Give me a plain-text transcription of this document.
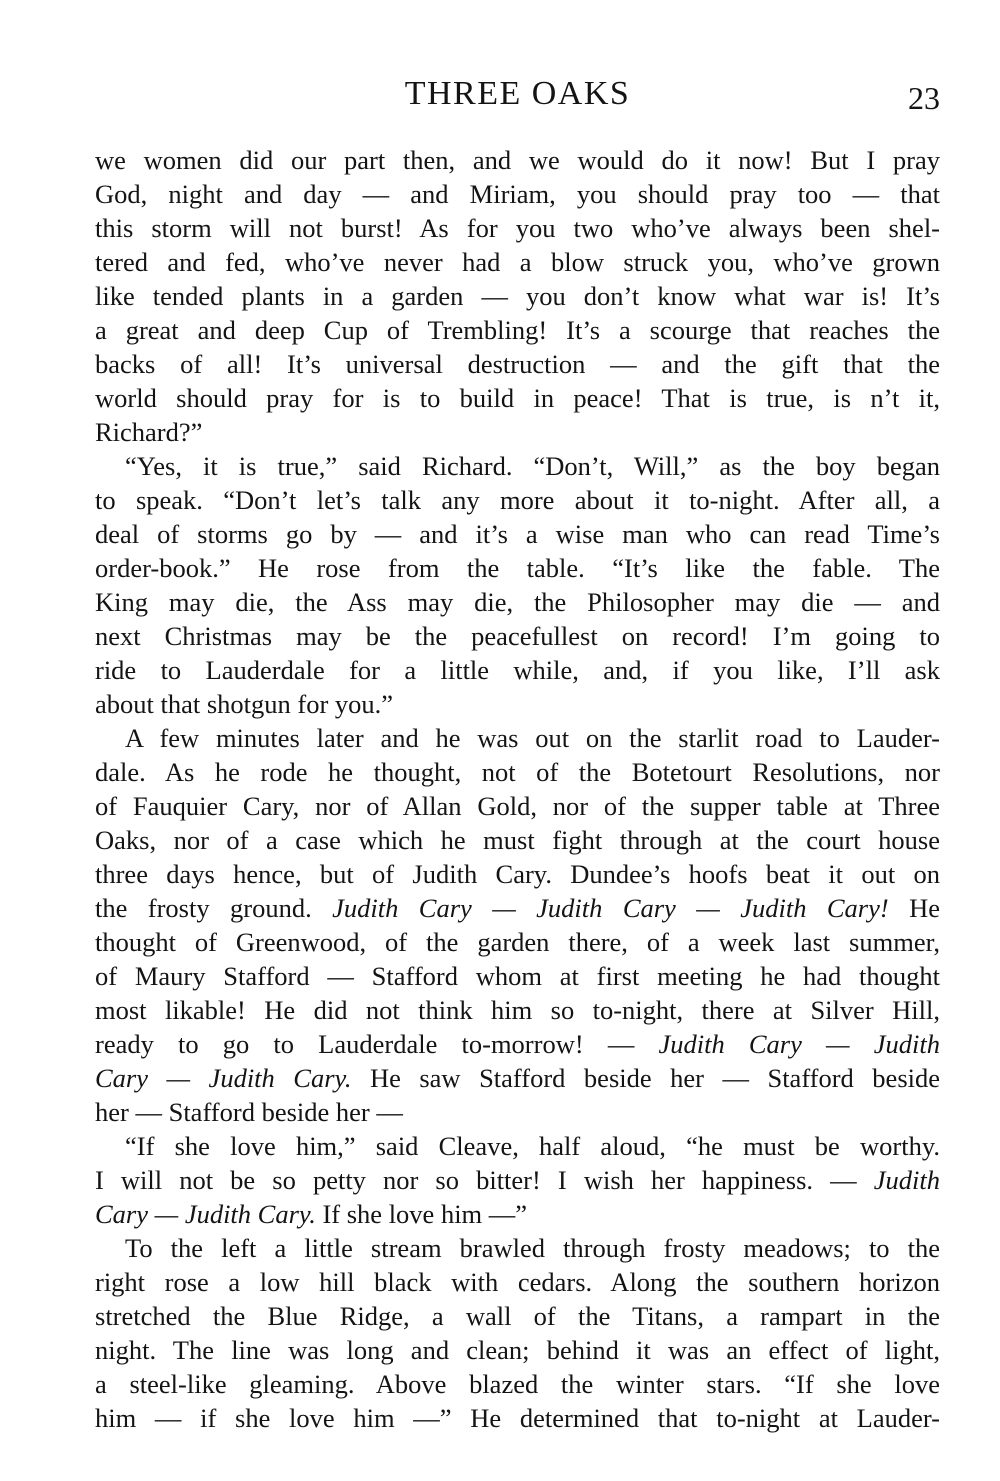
THREE OAKS	23
we women did our part then, and we would do it now! But I pray
God, night and day — and Miriam, you should pray too — that
this storm will not burst! As for you two who’ve always been shel-
tered and fed, who’ve never had a blow struck you, who’ve grown
like tended plants in a garden — you don’t know what war is! It’s
a great and deep Cup of Trembling! It’s a scourge that reaches the
backs of all! It’s universal destruction — and the gift that the
world should pray for is to build in peace! That is true, is n’t it,
Richard?”
“Yes, it is true,” said Richard. “Don’t, Will,” as the boy began
to speak. “Don’t let’s talk any more about it to-night. After all, a
deal of storms go by — and it’s a wise man who can read Time’s
order-book.” He rose from the table. “It’s like the fable. The
King may die, the Ass may die, the Philosopher may die — and
next Christmas may be the peacefullest on record! I’m going to
ride to Lauderdale for a little while, and, if you like, I’ll ask
about that shotgun for you.”
A few minutes later and he was out on the starlit road to Lauder-
dale. As he rode he thought, not of the Botetourt Resolutions, nor
of Fauquier Cary, nor of Allan Gold, nor of the supper table at Three
Oaks, nor of a case which he must fight through at the court house
three days hence, but of Judith Cary. Dundee’s hoofs beat it out on
the frosty ground. Judith Cary — Judith Cary — Judith Cary! He
thought of Greenwood, of the garden there, of a week last summer,
of Maury Stafford — Stafford whom at first meeting he had thought
most likable! He did not think him so to-night, there at Silver Hill,
ready to go to Lauderdale to-morrow! — Judith Cary — Judith
Cary — Judith Cary. He saw Stafford beside her — Stafford beside
her — Stafford beside her —
“If she love him,” said Cleave, half aloud, “he must be worthy.
I will not be so petty nor so bitter! I wish her happiness. — Judith
Cary — Judith Cary. If she love him —”
To the left a little stream brawled through frosty meadows; to the
right rose a low hill black with cedars. Along the southern horizon
stretched the Blue Ridge, a wall of the Titans, a rampart in the
night. The line was long and clean; behind it was an effect of light,
a steel-like gleaming. Above blazed the winter stars. “If she love
him — if she love him —” He determined that to-night at Lauder-
